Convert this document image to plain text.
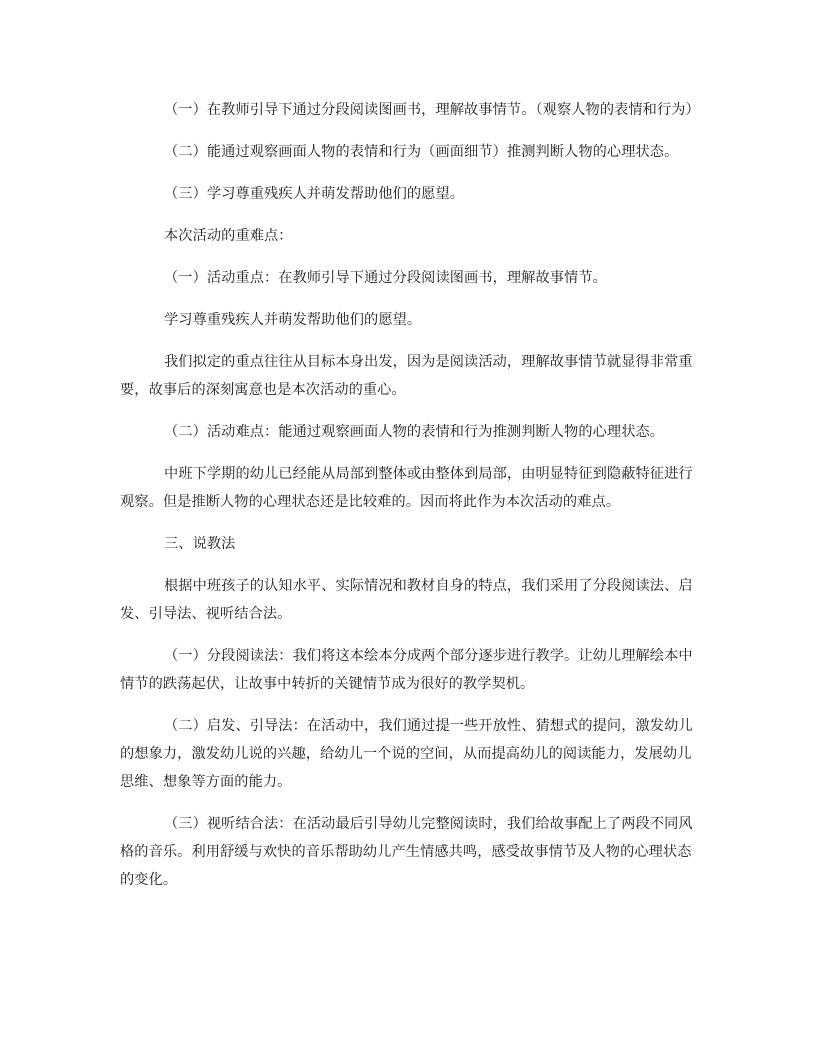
（一）在教师引导下通过分段阅读图画书，理解故事情节。（观察人物的表情和行为）

（二）能通过观察画面人物的表情和行为（画面细节）推测判断人物的心理状态。

（三）学习尊重残疾人并萌发帮助他们的愿望。

本次活动的重难点：

（一）活动重点：在教师引导下通过分段阅读图画书，理解故事情节。

学习尊重残疾人并萌发帮助他们的愿望。

我们拟定的重点往往从目标本身出发，因为是阅读活动，理解故事情节就显得非常重要，故事后的深刻寓意也是本次活动的重心。

（二）活动难点：能通过观察画面人物的表情和行为推测判断人物的心理状态。

中班下学期的幼儿已经能从局部到整体或由整体到局部，由明显特征到隐蔽特征进行观察。但是推断人物的心理状态还是比较难的。因而将此作为本次活动的难点。

三、说教法

根据中班孩子的认知水平、实际情况和教材自身的特点，我们采用了分段阅读法、启发、引导法、视听结合法。

（一）分段阅读法：我们将这本绘本分成两个部分逐步进行教学。让幼儿理解绘本中情节的跌荡起伏，让故事中转折的关键情节成为很好的教学契机。

（二）启发、引导法：在活动中，我们通过提一些开放性、猜想式的提问，激发幼儿的想象力，激发幼儿说的兴趣，给幼儿一个说的空间，从而提高幼儿的阅读能力，发展幼儿思维、想象等方面的能力。

（三）视听结合法：在活动最后引导幼儿完整阅读时，我们给故事配上了两段不同风格的音乐。利用舒缓与欢快的音乐帮助幼儿产生情感共鸣，感受故事情节及人物的心理状态的变化。
